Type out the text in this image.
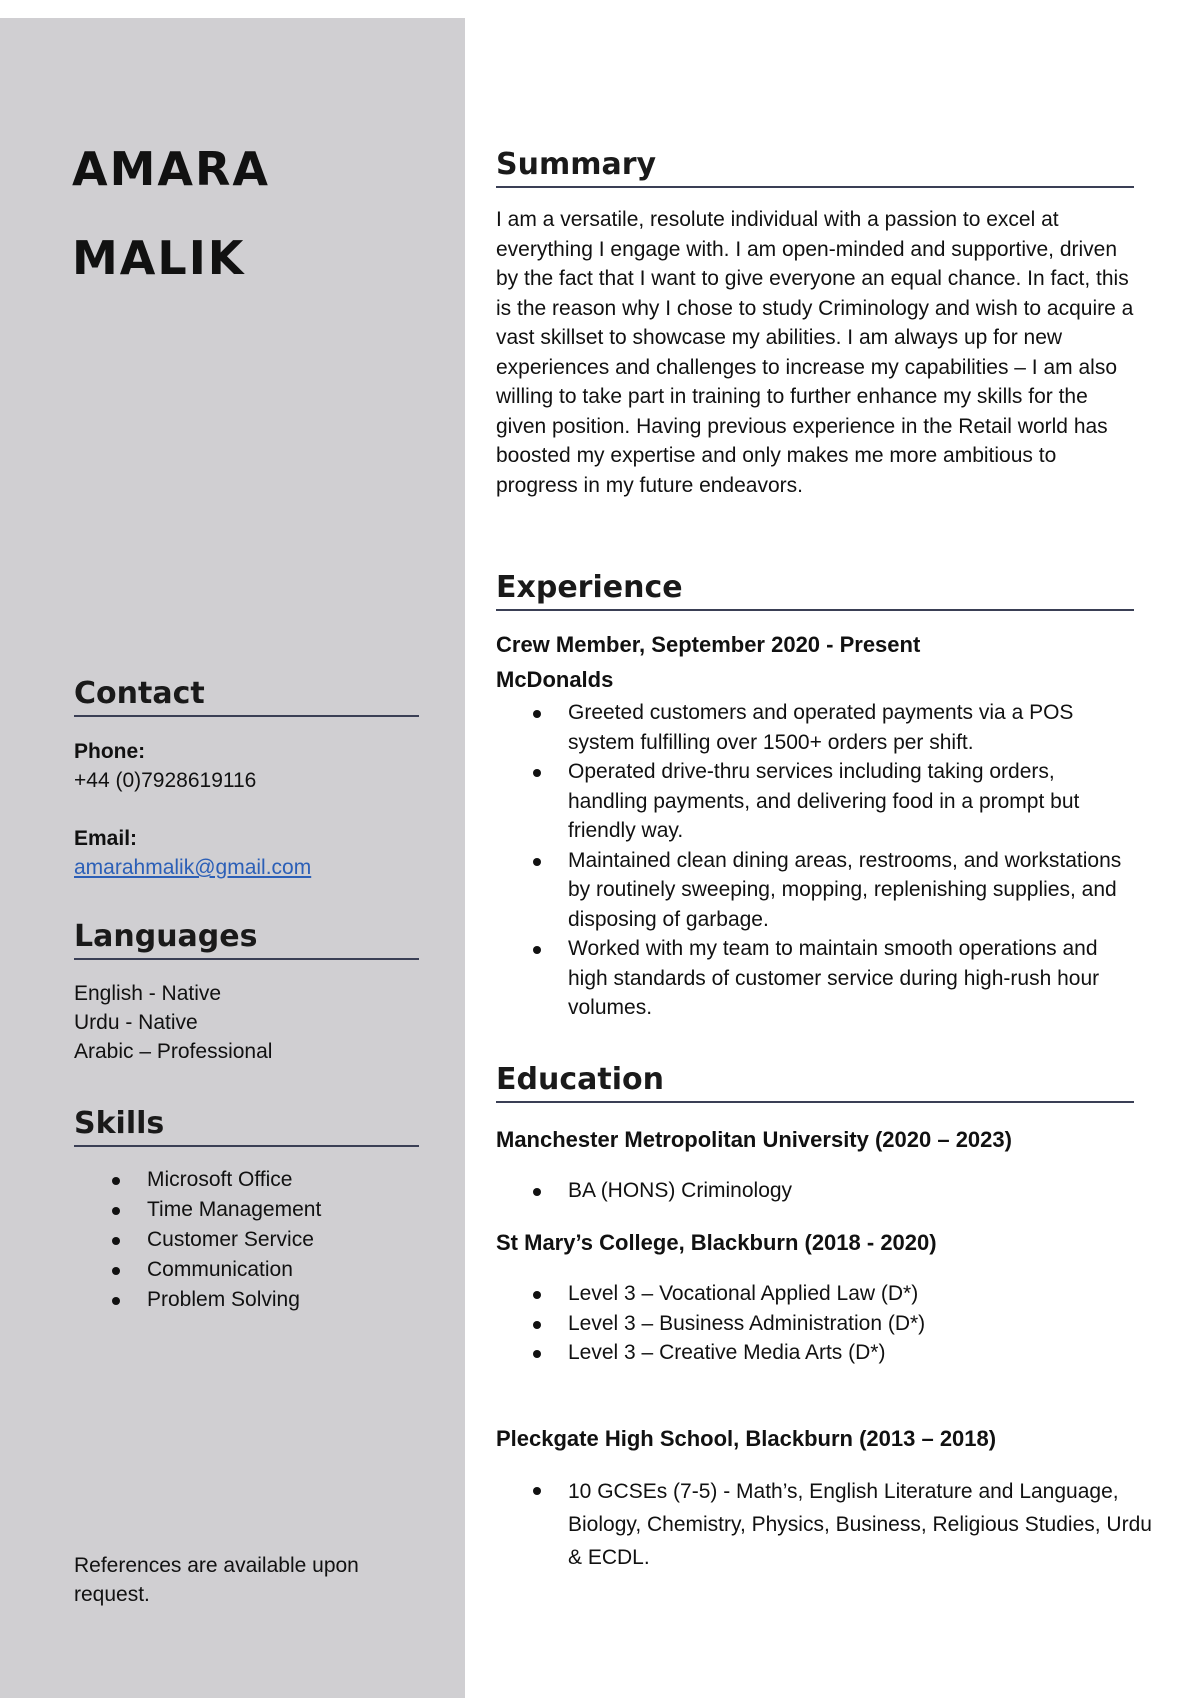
AMARA
MALIK
Contact
Phone:
+44 (0)7928619116
Email:
amarahmalik@gmail.com
Languages
English - Native
Urdu - Native
Arabic – Professional
Skills
Microsoft Office
Time Management
Customer Service
Communication
Problem Solving

References are available upon request.

Summary

I am a versatile, resolute individual with a passion to excel at everything I engage with. I am open-minded and supportive, driven by the fact that I want to give everyone an equal chance. In fact, this is the reason why I chose to study Criminology and wish to acquire a vast skillset to showcase my abilities. I am always up for new experiences and challenges to increase my capabilities – I am also willing to take part in training to further enhance my skills for the given position. Having previous experience in the Retail world has boosted my expertise and only makes me more ambitious to progress in my future endeavors.

Experience
Crew Member, September 2020 - Present
McDonalds
Greeted customers and operated payments via a POS system fulfilling over 1500+ orders per shift.
Operated drive-thru services including taking orders, handling payments, and delivering food in a prompt but friendly way.
Maintained clean dining areas, restrooms, and workstations by routinely sweeping, mopping, replenishing supplies, and disposing of garbage.
Worked with my team to maintain smooth operations and high standards of customer service during high-rush hour volumes.
Education
Manchester Metropolitan University (2020 – 2023)
BA (HONS) Criminology
St Mary’s College, Blackburn (2018 - 2020)
Level 3 – Vocational Applied Law (D*)
Level 3 – Business Administration (D*)
Level 3 – Creative Media Arts (D*)
Pleckgate High School, Blackburn (2013 – 2018)
10 GCSEs (7-5) - Math’s, English Literature and Language, Biology, Chemistry, Physics, Business, Religious Studies, Urdu & ECDL.
